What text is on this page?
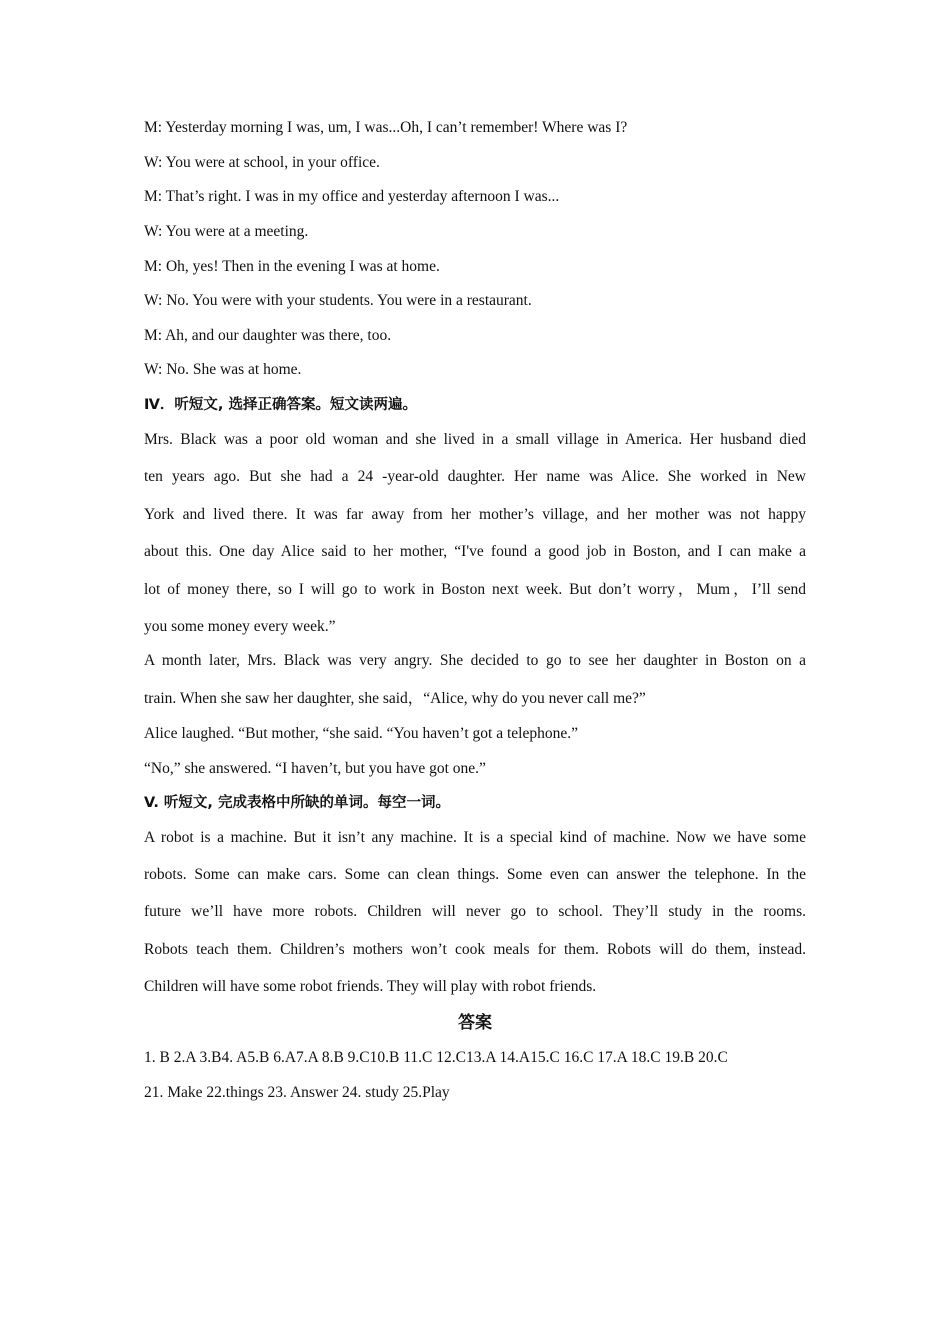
M: Yesterday morning I was, um, I was...Oh, I can’t remember! Where was I?
W: You were at school, in your office.
M: That’s right. I was in my office and yesterday afternoon I was...
W: You were at a meeting.
M: Oh, yes! Then in the evening I was at home.
W: No. You were with your students. You were in a restaurant.
M: Ah, and our daughter was there, too.
W: No. She was at home.
Ⅳ．听短文, 选择正确答案。短文读两遍。
Mrs. Black was a poor old woman and she lived in a small village in America. Her husband died
ten years ago. But she had a 24 -year-old daughter. Her name was Alice. She worked in New
York and lived there. It was far away from her mother’s village, and her mother was not happy
about this. One day Alice said to her mother, “I've found a good job in Boston, and I can make a
lot of money there, so I will go to work in Boston next week. But don’t worry，Mum，I’ll send
you some money every week.”
A month later, Mrs. Black was very angry. She decided to go to see her daughter in Boston on a
train. When she saw her daughter, she said，“Alice, why do you never call me?”
Alice laughed. “But mother, “she said. “You haven’t got a telephone.”
“No,” she answered. “I haven’t, but you have got one.”
V. 听短文, 完成表格中所缺的单词。每空一词。
A robot is a machine. But it isn’t any machine. It is a special kind of machine. Now we have some
robots. Some can make cars. Some can clean things. Some even can answer the telephone. In the
future we’ll have more robots. Children will never go to school. They’ll study in the rooms.
Robots teach them. Children’s mothers won’t cook meals for them. Robots will do them, instead.
Children will have some robot friends. They will play with robot friends.
答案
1. B 2.A 3.B4. A5.B 6.A7.A 8.B 9.C10.B 11.C 12.C13.A 14.A15.C 16.C 17.A 18.C 19.B 20.C
21. Make 22.things 23. Answer 24. study 25.Play
